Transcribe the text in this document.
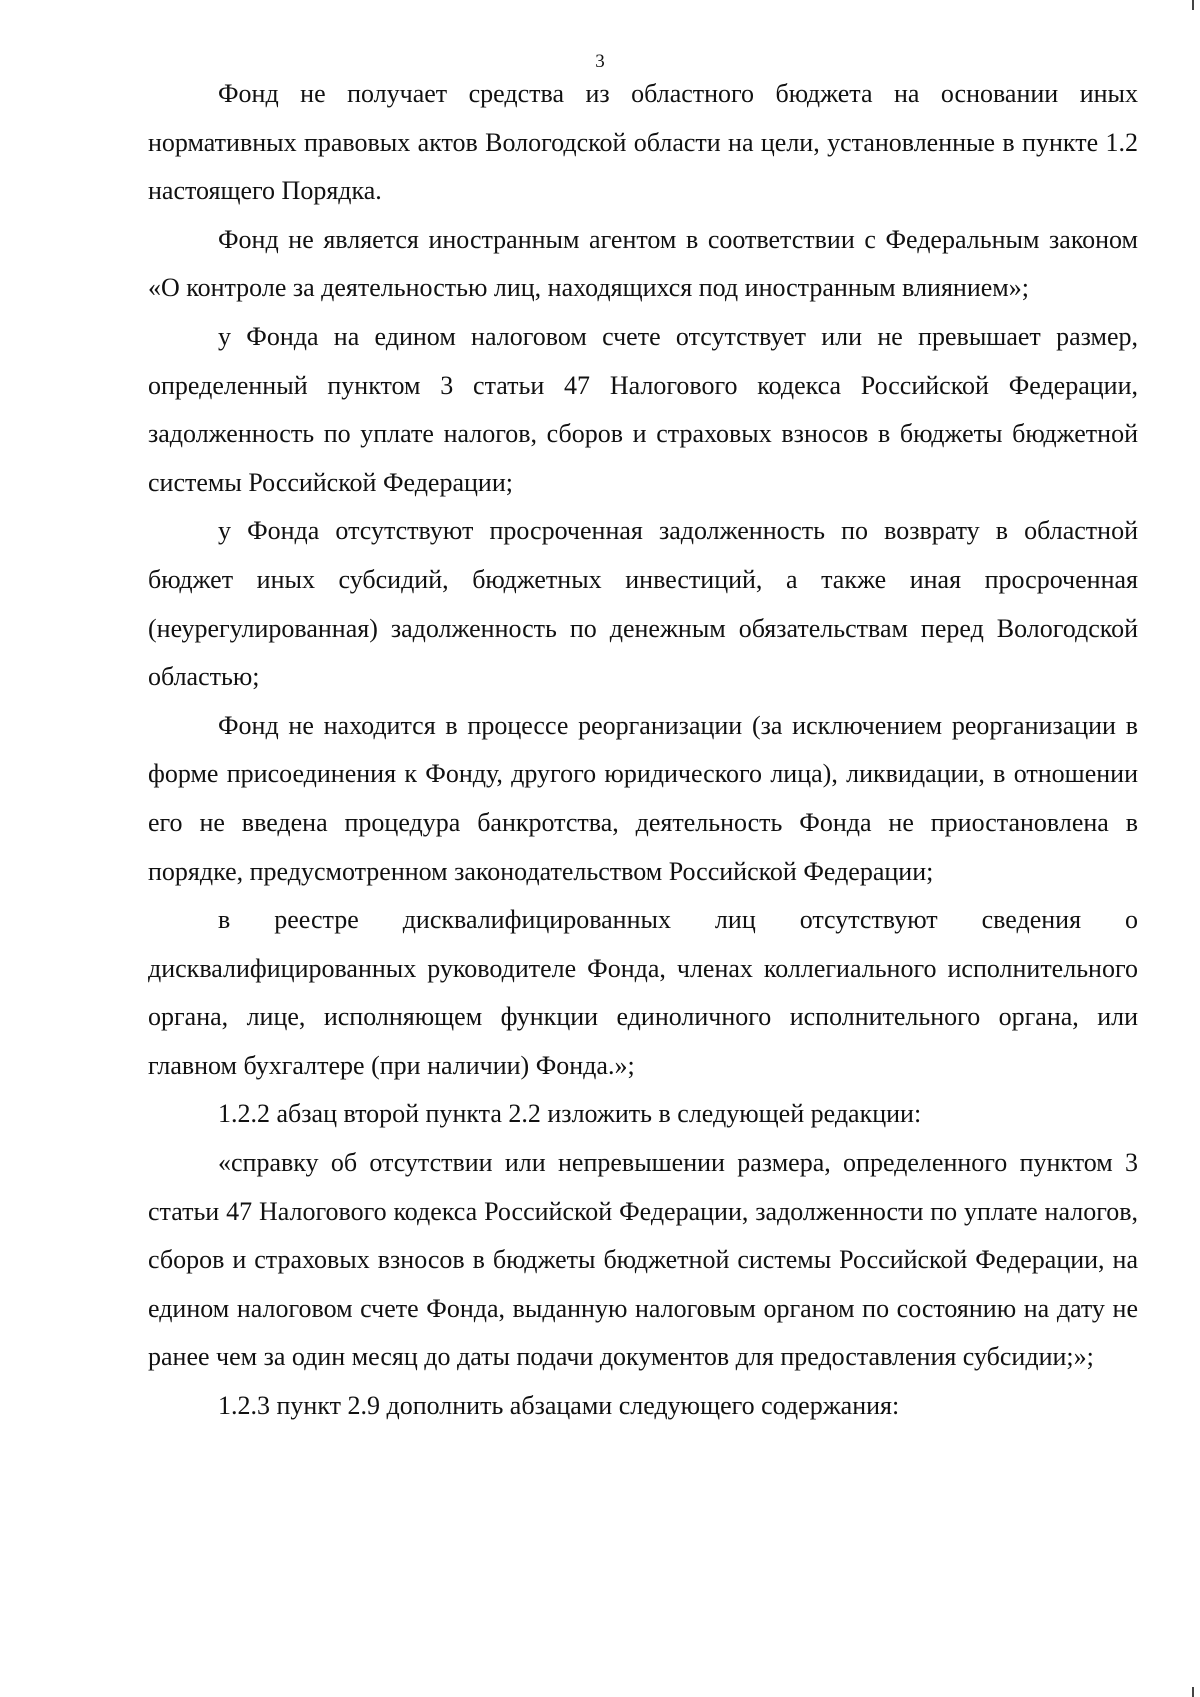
3

Фонд не получает средства из областного бюджета на основании иных нормативных правовых актов Вологодской области на цели, установленные в пункте 1.2 настоящего Порядка.

Фонд не является иностранным агентом в соответствии с Федеральным законом «О контроле за деятельностью лиц, находящихся под иностранным влиянием»;

у Фонда на едином налоговом счете отсутствует или не превышает размер, определенный пунктом 3 статьи 47 Налогового кодекса Российской Федерации, задолженность по уплате налогов, сборов и страховых взносов в бюджеты бюджетной системы Российской Федерации;

у Фонда отсутствуют просроченная задолженность по возврату в областной бюджет иных субсидий, бюджетных инвестиций, а также иная просроченная (неурегулированная) задолженность по денежным обязательствам перед Вологодской областью;

Фонд не находится в процессе реорганизации (за исключением реорганизации в форме присоединения к Фонду, другого юридического лица), ликвидации, в отношении его не введена процедура банкротства, деятельность Фонда не приостановлена в порядке, предусмотренном законодательством Российской Федерации;

в реестре дисквалифицированных лиц отсутствуют сведения о дисквалифицированных руководителе Фонда, членах коллегиального исполнительного органа, лице, исполняющем функции единоличного исполнительного органа, или главном бухгалтере (при наличии) Фонда.»;

1.2.2 абзац второй пункта 2.2 изложить в следующей редакции:

«справку об отсутствии или непревышении размера, определенного пунктом 3 статьи 47 Налогового кодекса Российской Федерации, задолженности по уплате налогов, сборов и страховых взносов в бюджеты бюджетной системы Российской Федерации, на едином налоговом счете Фонда, выданную налоговым органом по состоянию на дату не ранее чем за один месяц до даты подачи документов для предоставления субсидии;»;

1.2.3 пункт 2.9 дополнить абзацами следующего содержания:
